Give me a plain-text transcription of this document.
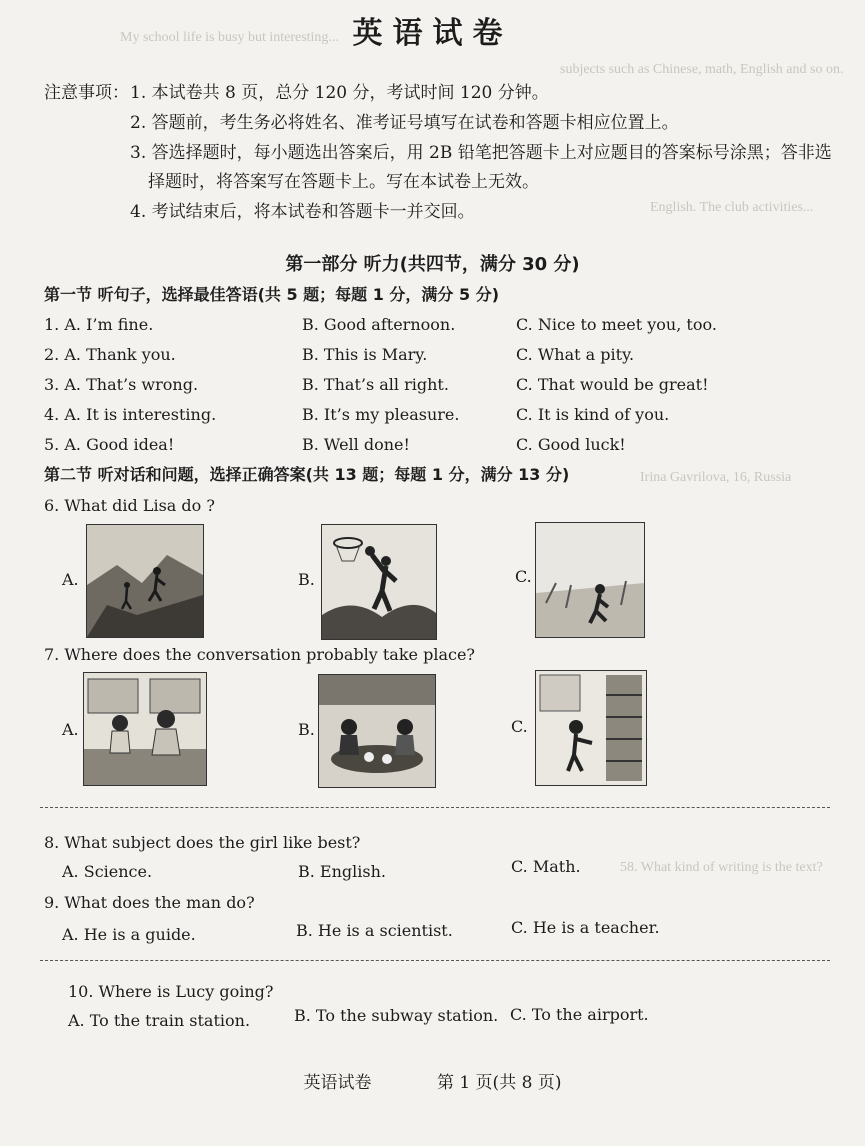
My school life is busy but interesting...
subjects such as Chinese, math, English and so on.
English. The club activities...
Irina Gavrilova, 16, Russia
58. What kind of writing is the text?
英语试卷
注意事项： 1. 本试卷共 8 页，总分 120 分，考试时间 120 分钟。
2. 答题前，考生务必将姓名、准考证号填写在试卷和答题卡相应位置上。
3. 答选择题时，每小题选出答案后，用 2B 铅笔把答题卡上对应题目的答案标号涂黑；答非选
择题时，将答案写在答题卡上。写在本试卷上无效。
4. 考试结束后，将本试卷和答题卡一并交回。
第一部分 听力(共四节，满分 30 分)
第一节 听句子，选择最佳答语(共 5 题；每题 1 分，满分 5 分)
1. A. I’m fine.	B. Good afternoon.	C. Nice to meet you, too.
2. A. Thank you.	B. This is Mary.	C. What a pity.
3. A. That’s wrong.	B. That’s all right.	C. That would be great!
4. A. It is interesting.	B. It’s my pleasure.	C. It is kind of you.
5. A. Good idea!	B. Well done!	C. Good luck!
第二节 听对话和问题，选择正确答案(共 13 题；每题 1 分，满分 13 分)
6. What did Lisa do ?
A.	B.	C.
7. Where does the conversation probably take place?
A.	B.	C.
8. What subject does the girl like best?
A. Science.	B. English.	C. Math.
9. What does the man do?
A. He is a guide.	B. He is a scientist.	C. He is a teacher.
10. Where is Lucy going?
A. To the train station.	B. To the subway station. C. To the airport.
英语试卷	第 1 页(共 8 页)
